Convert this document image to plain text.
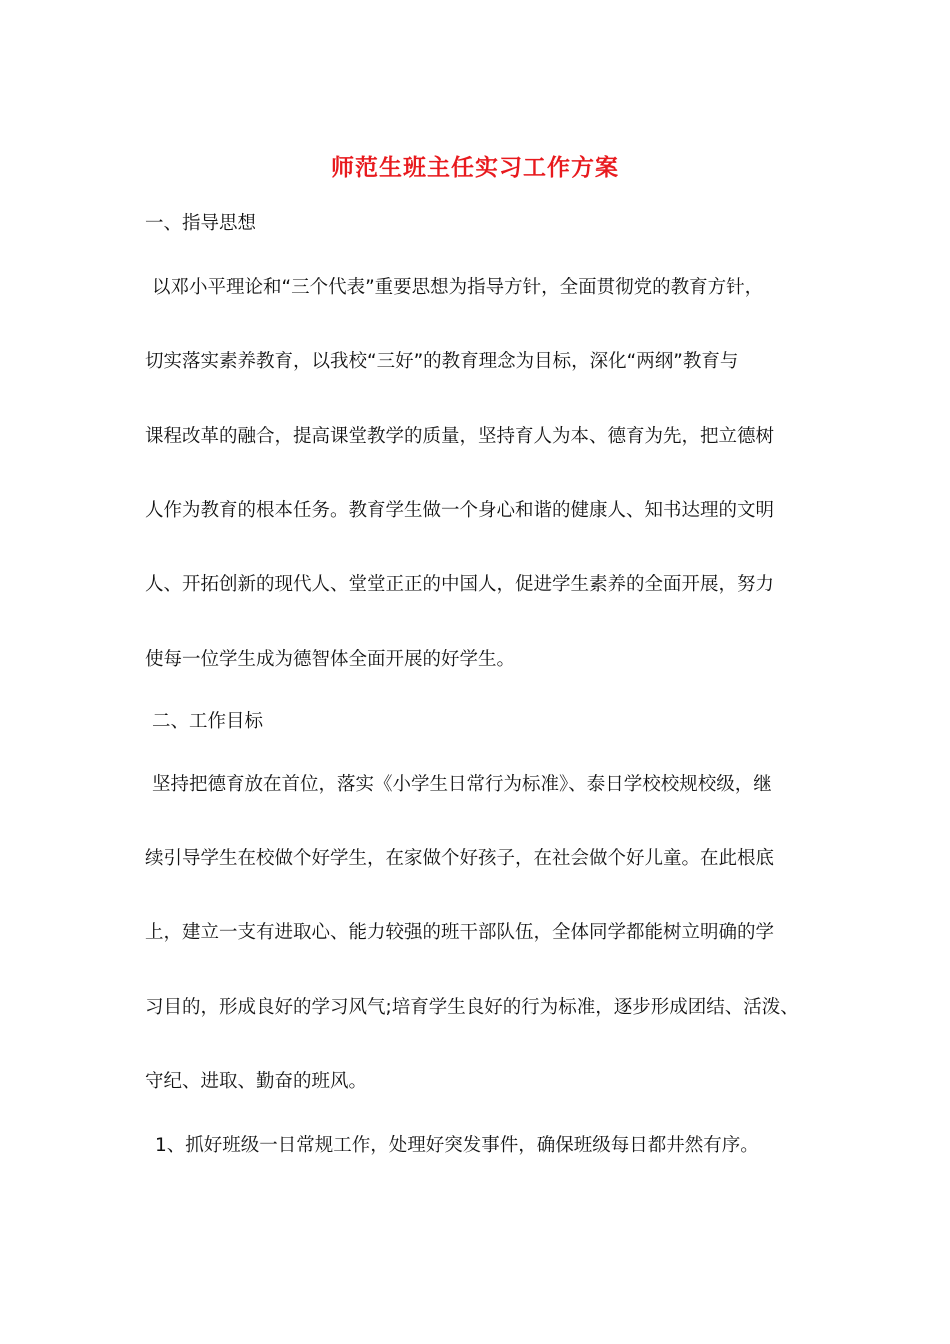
师范生班主任实习工作方案
一、指导思想
以邓小平理论和“三个代表”重要思想为指导方针，全面贯彻党的教育方针，
切实落实素养教育，以我校“三好”的教育理念为目标，深化“两纲”教育与
课程改革的融合，提高课堂教学的质量，坚持育人为本、德育为先，把立德树
人作为教育的根本任务。教育学生做一个身心和谐的健康人、知书达理的文明
人、开拓创新的现代人、堂堂正正的中国人，促进学生素养的全面开展，努力
使每一位学生成为德智体全面开展的好学生。
二、工作目标
坚持把德育放在首位，落实《小学生日常行为标准》、泰日学校校规校级，继
续引导学生在校做个好学生，在家做个好孩子，在社会做个好儿童。在此根底
上，建立一支有进取心、能力较强的班干部队伍，全体同学都能树立明确的学
习目的，形成良好的学习风气;培育学生良好的行为标准，逐步形成团结、活泼、
守纪、进取、勤奋的班风。
1、抓好班级一日常规工作，处理好突发事件，确保班级每日都井然有序。
